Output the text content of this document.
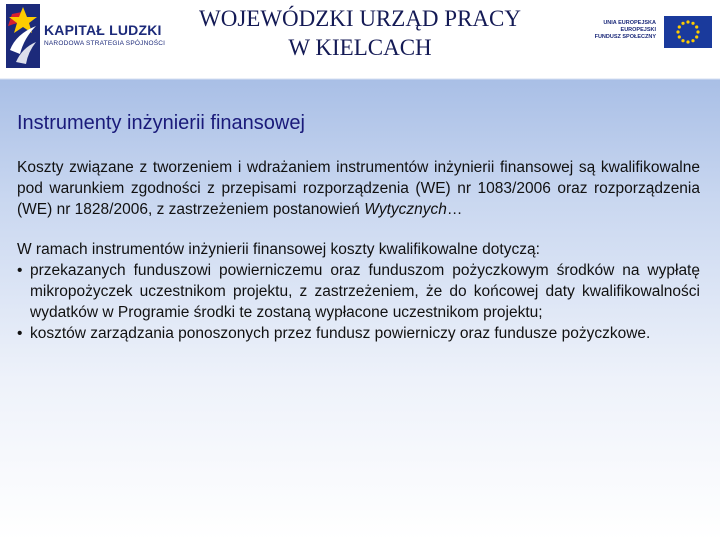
KAPITAŁ LUDZKI
NARODOWA STRATEGIA SPÓJNOŚCI
WOJEWÓDZKI URZĄD PRACY
W KIELCACH
UNIA EUROPEJSKA
EUROPEJSKI
FUNDUSZ SPOŁECZNY
Instrumenty inżynierii finansowej

Koszty związane z tworzeniem i wdrażaniem instrumentów inżynierii finansowej są kwalifikowalne pod warunkiem zgodności z przepisami rozporządzenia (WE) nr 1083/2006 oraz rozporządzenia (WE) nr 1828/2006, z zastrzeżeniem postanowień Wytycznych…

W ramach instrumentów inżynierii finansowej koszty kwalifikowalne dotyczą:

• przekazanych funduszowi powierniczemu oraz funduszom pożyczkowym środków na wypłatę mikropożyczek uczestnikom projektu, z zastrzeżeniem, że do końcowej daty kwalifikowalności wydatków w Programie środki te zostaną wypłacone uczestnikom projektu;
• kosztów zarządzania ponoszonych przez fundusz powierniczy oraz fundusze pożyczkowe.
